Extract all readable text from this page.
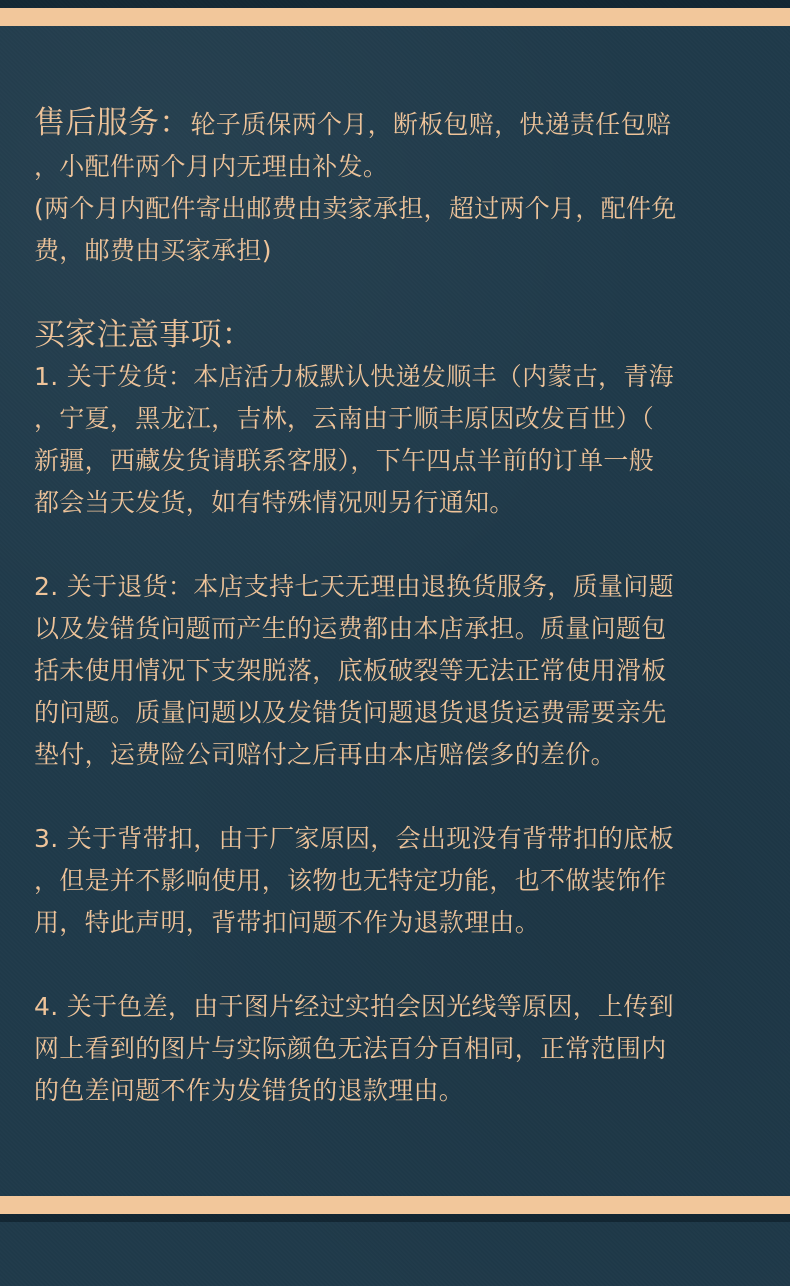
售后服务：轮子质保两个月，断板包赔，快递责任包赔
，小配件两个月内无理由补发。
(两个月内配件寄出邮费由卖家承担，超过两个月，配件免
费，邮费由买家承担)
买家注意事项：
1. 关于发货：本店活力板默认快递发顺丰（内蒙古，青海
，宁夏，黑龙江，吉林，云南由于顺丰原因改发百世）（
新疆，西藏发货请联系客服），下午四点半前的订单一般
都会当天发货，如有特殊情况则另行通知。
2. 关于退货：本店支持七天无理由退换货服务，质量问题
以及发错货问题而产生的运费都由本店承担。质量问题包
括未使用情况下支架脱落，底板破裂等无法正常使用滑板
的问题。质量问题以及发错货问题退货退货运费需要亲先
垫付，运费险公司赔付之后再由本店赔偿多的差价。
3. 关于背带扣，由于厂家原因，会出现没有背带扣的底板
，但是并不影响使用，该物也无特定功能，也不做装饰作
用，特此声明，背带扣问题不作为退款理由。
4. 关于色差，由于图片经过实拍会因光线等原因，上传到
网上看到的图片与实际颜色无法百分百相同，正常范围内
的色差问题不作为发错货的退款理由。
